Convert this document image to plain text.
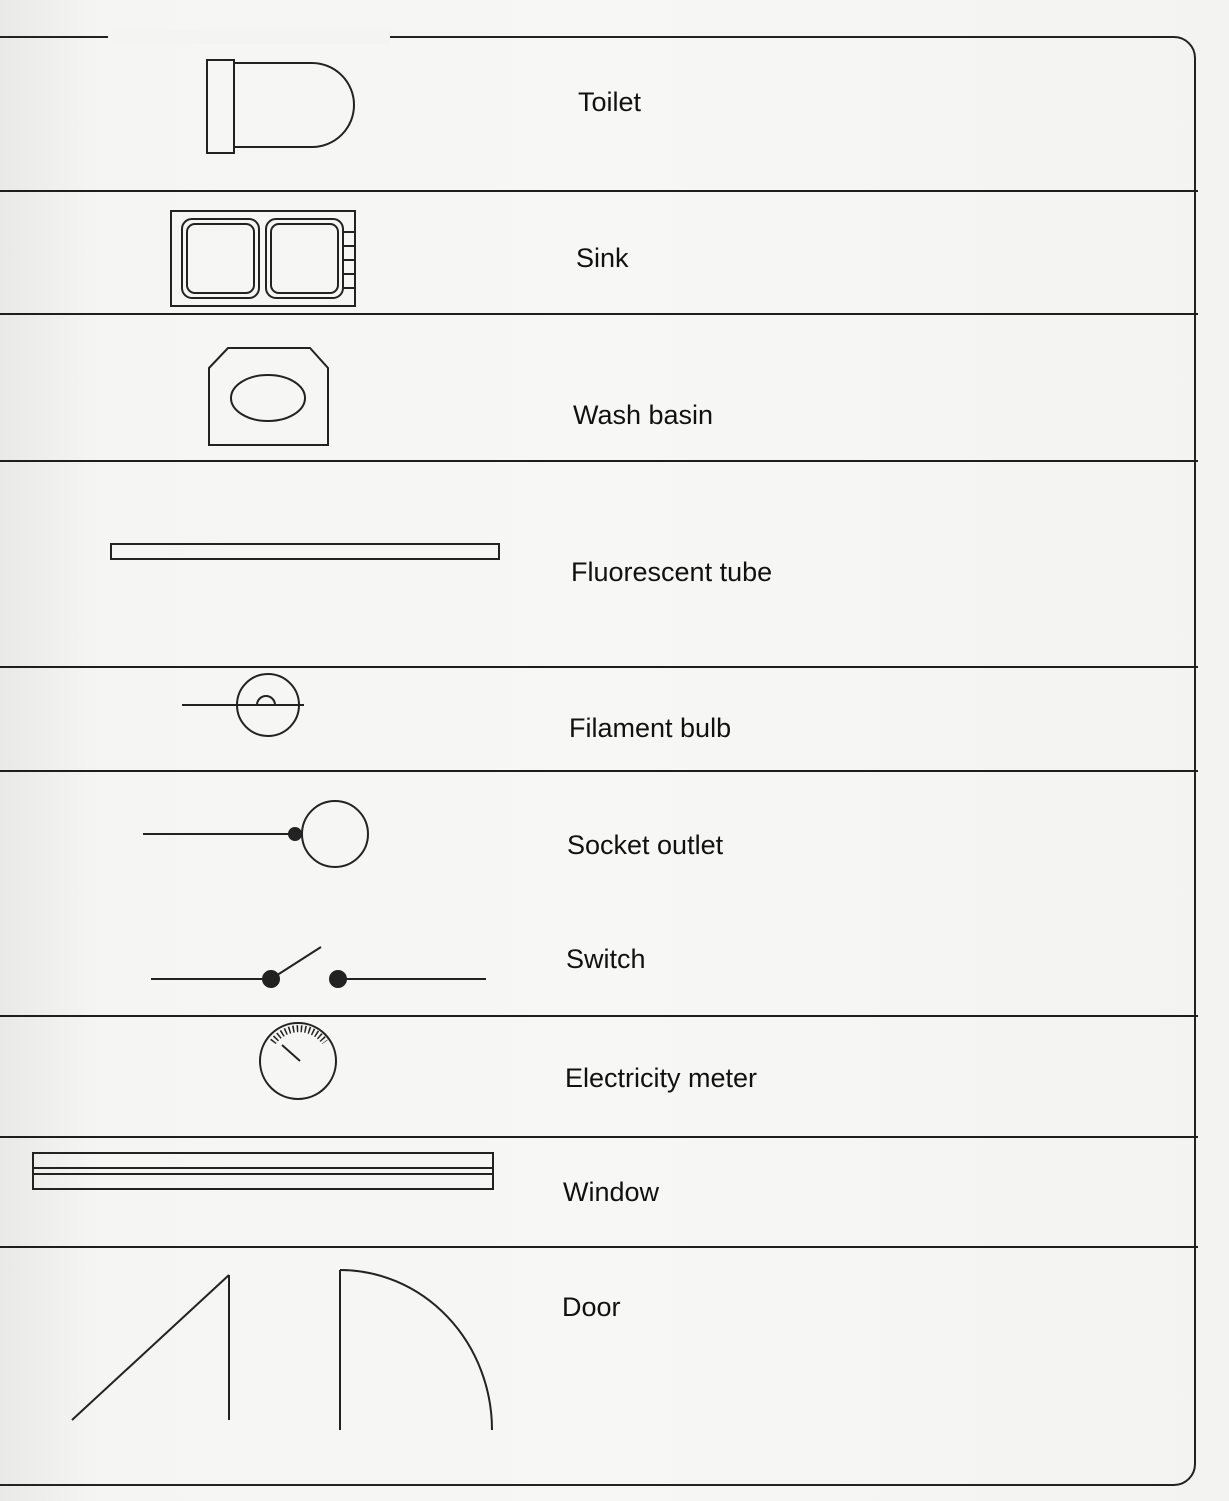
Toilet
Sink
Wash basin
Fluorescent tube
Filament bulb
Socket outlet
Switch
Electricity meter
Window
Door
